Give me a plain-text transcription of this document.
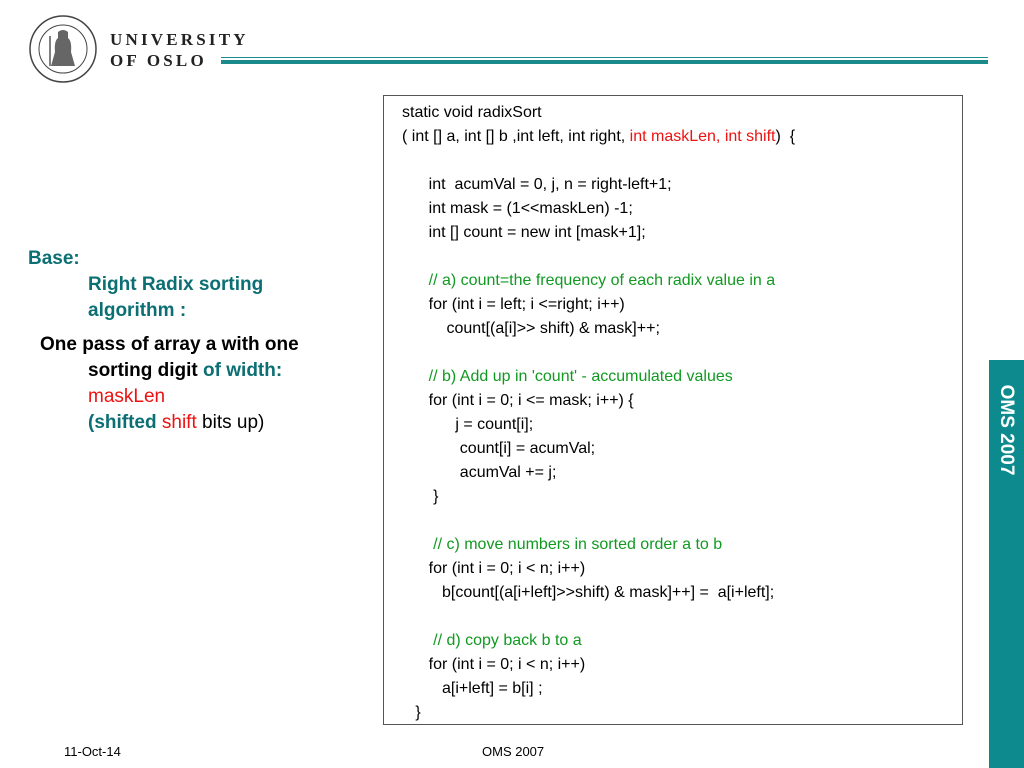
UNIVERSITY
OF OSLO
OMS 2007
Base:
Right Radix sorting
algorithm :
One pass of array a with one
sorting digit of width:
maskLen
(shifted shift bits up)
static void radixSort
( int [] a, int [] b ,int left, int right, int maskLen, int shift)  {

int  acumVal = 0, j, n = right-left+1;
int mask = (1<<maskLen) -1;
int [] count = new int [mask+1];

// a) count=the frequency of each radix value in a
for (int i = left; i <=right; i++)
count[(a[i]>> shift) & mask]++;

// b) Add up in 'count' - accumulated values
for (int i = 0; i <= mask; i++) {
j = count[i];
count[i] = acumVal;
acumVal += j;
}

// c) move numbers in sorted order a to b
for (int i = 0; i < n; i++)
b[count[(a[i+left]>>shift) & mask]++] =  a[i+left];

// d) copy back b to a
for (int i = 0; i < n; i++)
a[i+left] = b[i] ;
}
11-Oct-14	OMS 2007
